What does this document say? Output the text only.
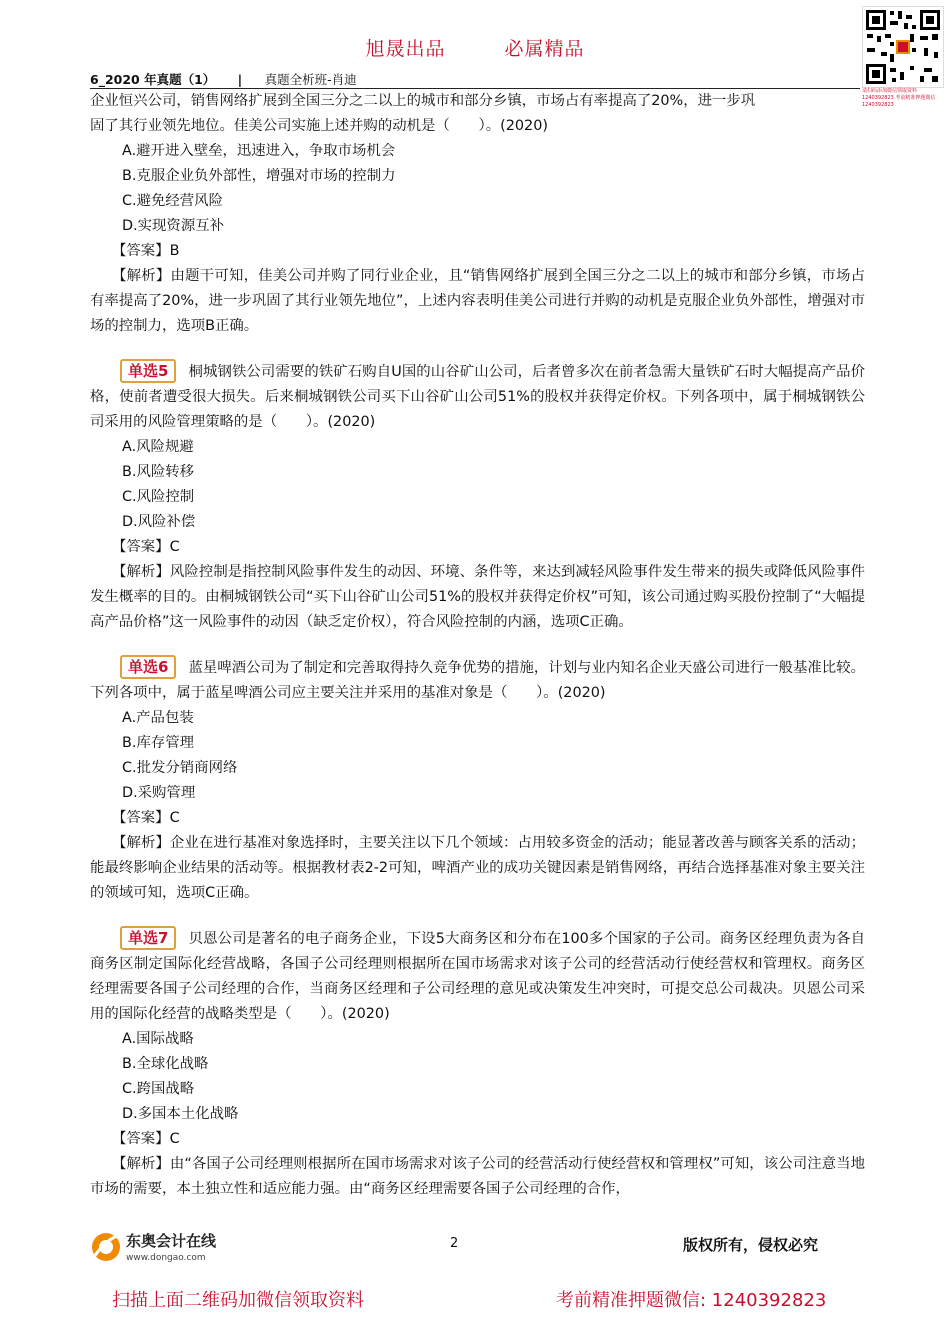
旭晟出品	必属精品
请扫码添加微信领取资料 1240392823 考前精准押题微信 1240392823
6_2020 年真题（1） | 真题全析班-肖迪

企业恒兴公司，销售网络扩展到全国三分之二以上的城市和部分乡镇，市场占有率提高了20%，进一步巩

固了其行业领先地位。佳美公司实施上述并购的动机是（　　）。(2020)

A.避开进入壁垒，迅速进入，争取市场机会

B.克服企业负外部性，增强对市场的控制力

C.避免经营风险

D.实现资源互补

【答案】B

【解析】由题干可知，佳美公司并购了同行业企业，且“销售网络扩展到全国三分之二以上的城市和部分乡镇，市场占有率提高了20%，进一步巩固了其行业领先地位”，上述内容表明佳美公司进行并购的动机是克服企业负外部性，增强对市场的控制力，选项B正确。

单选5 桐城钢铁公司需要的铁矿石购自U国的山谷矿山公司，后者曾多次在前者急需大量铁矿石时大幅提高产品价格，使前者遭受很大损失。后来桐城钢铁公司买下山谷矿山公司51%的股权并获得定价权。下列各项中，属于桐城钢铁公司采用的风险管理策略的是（　　）。(2020)

A.风险规避

B.风险转移

C.风险控制

D.风险补偿

【答案】C

【解析】风险控制是指控制风险事件发生的动因、环境、条件等，来达到减轻风险事件发生带来的损失或降低风险事件发生概率的目的。由桐城钢铁公司“买下山谷矿山公司51%的股权并获得定价权”可知，该公司通过购买股份控制了“大幅提高产品价格”这一风险事件的动因（缺乏定价权），符合风险控制的内涵，选项C正确。

单选6 蓝星啤酒公司为了制定和完善取得持久竞争优势的措施，计划与业内知名企业天盛公司进行一般基准比较。下列各项中，属于蓝星啤酒公司应主要关注并采用的基准对象是（　　）。(2020)

A.产品包装

B.库存管理

C.批发分销商网络

D.采购管理

【答案】C

【解析】企业在进行基准对象选择时，主要关注以下几个领域：占用较多资金的活动；能显著改善与顾客关系的活动；能最终影响企业结果的活动等。根据教材表2-2可知，啤酒产业的成功关键因素是销售网络，再结合选择基准对象主要关注的领域可知，选项C正确。

单选7 贝恩公司是著名的电子商务企业，下设5大商务区和分布在100多个国家的子公司。商务区经理负责为各自商务区制定国际化经营战略，各国子公司经理则根据所在国市场需求对该子公司的经营活动行使经营权和管理权。商务区经理需要各国子公司经理的合作，当商务区经理和子公司经理的意见或决策发生冲突时，可提交总公司裁决。贝恩公司采用的国际化经营的战略类型是（　　）。(2020)

A.国际战略

B.全球化战略

C.跨国战略

D.多国本土化战略

【答案】C

【解析】由“各国子公司经理则根据所在国市场需求对该子公司的经营活动行使经营权和管理权”可知，该公司注意当地市场的需要，本土独立性和适应能力强。由“商务区经理需要各国子公司经理的合作，

东奥会计在线
www.dongao.com
2	版权所有，侵权必究
扫描上面二维码加微信领取资料	考前精准押题微信: 1240392823
